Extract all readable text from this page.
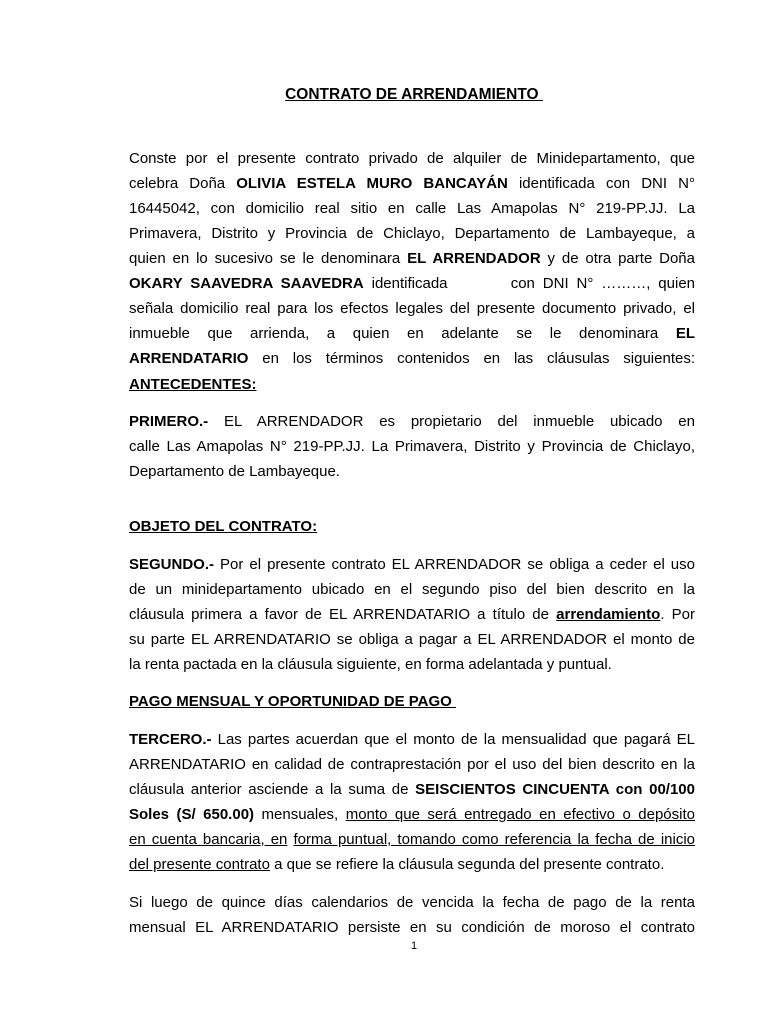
CONTRATO DE ARRENDAMIENTO
Conste por el presente contrato privado de alquiler de Minidepartamento, que
celebra Doña OLIVIA ESTELA MURO BANCAYÁN identificada con DNI N°
16445042, con domicilio real sitio en calle Las Amapolas N° 219-PP.JJ. La
Primavera, Distrito y Provincia de Chiclayo, Departamento de Lambayeque, a
quien en lo sucesivo se le denominara EL ARRENDADOR y de otra parte Doña
OKARY SAAVEDRA SAAVEDRA identificada        con DNI N° ………, quien
señala domicilio real para los efectos legales del presente documento privado, el
inmueble que arrienda, a quien en adelante se le denominara EL
ARRENDATARIO en los términos contenidos en las cláusulas siguientes:
ANTECEDENTES:
PRIMERO.- EL ARRENDADOR es propietario del inmueble ubicado en
calle Las Amapolas N° 219-PP.JJ. La Primavera, Distrito y Provincia de Chiclayo,
Departamento de Lambayeque.
OBJETO DEL CONTRATO:
SEGUNDO.- Por el presente contrato EL ARRENDADOR se obliga a ceder el uso
de un minidepartamento ubicado en el segundo piso del bien descrito en la
cláusula primera a favor de EL ARRENDATARIO a título de arrendamiento. Por
su parte EL ARRENDATARIO se obliga a pagar a EL ARRENDADOR el monto de
la renta pactada en la cláusula siguiente, en forma adelantada y puntual.
PAGO MENSUAL Y OPORTUNIDAD DE PAGO
TERCERO.- Las partes acuerdan que el monto de la mensualidad que pagará EL
ARRENDATARIO en calidad de contraprestación por el uso del bien descrito en la
cláusula anterior asciende a la suma de SEISCIENTOS CINCUENTA con 00/100
Soles (S/ 650.00) mensuales, monto que será entregado en efectivo o depósito
en cuenta bancaria, en forma puntual, tomando como referencia la fecha de inicio
del presente contrato a que se refiere la cláusula segunda del presente contrato.
Si luego de quince días calendarios de vencida la fecha de pago de la renta
mensual EL ARRENDATARIO persiste en su condición de moroso el contrato
1
